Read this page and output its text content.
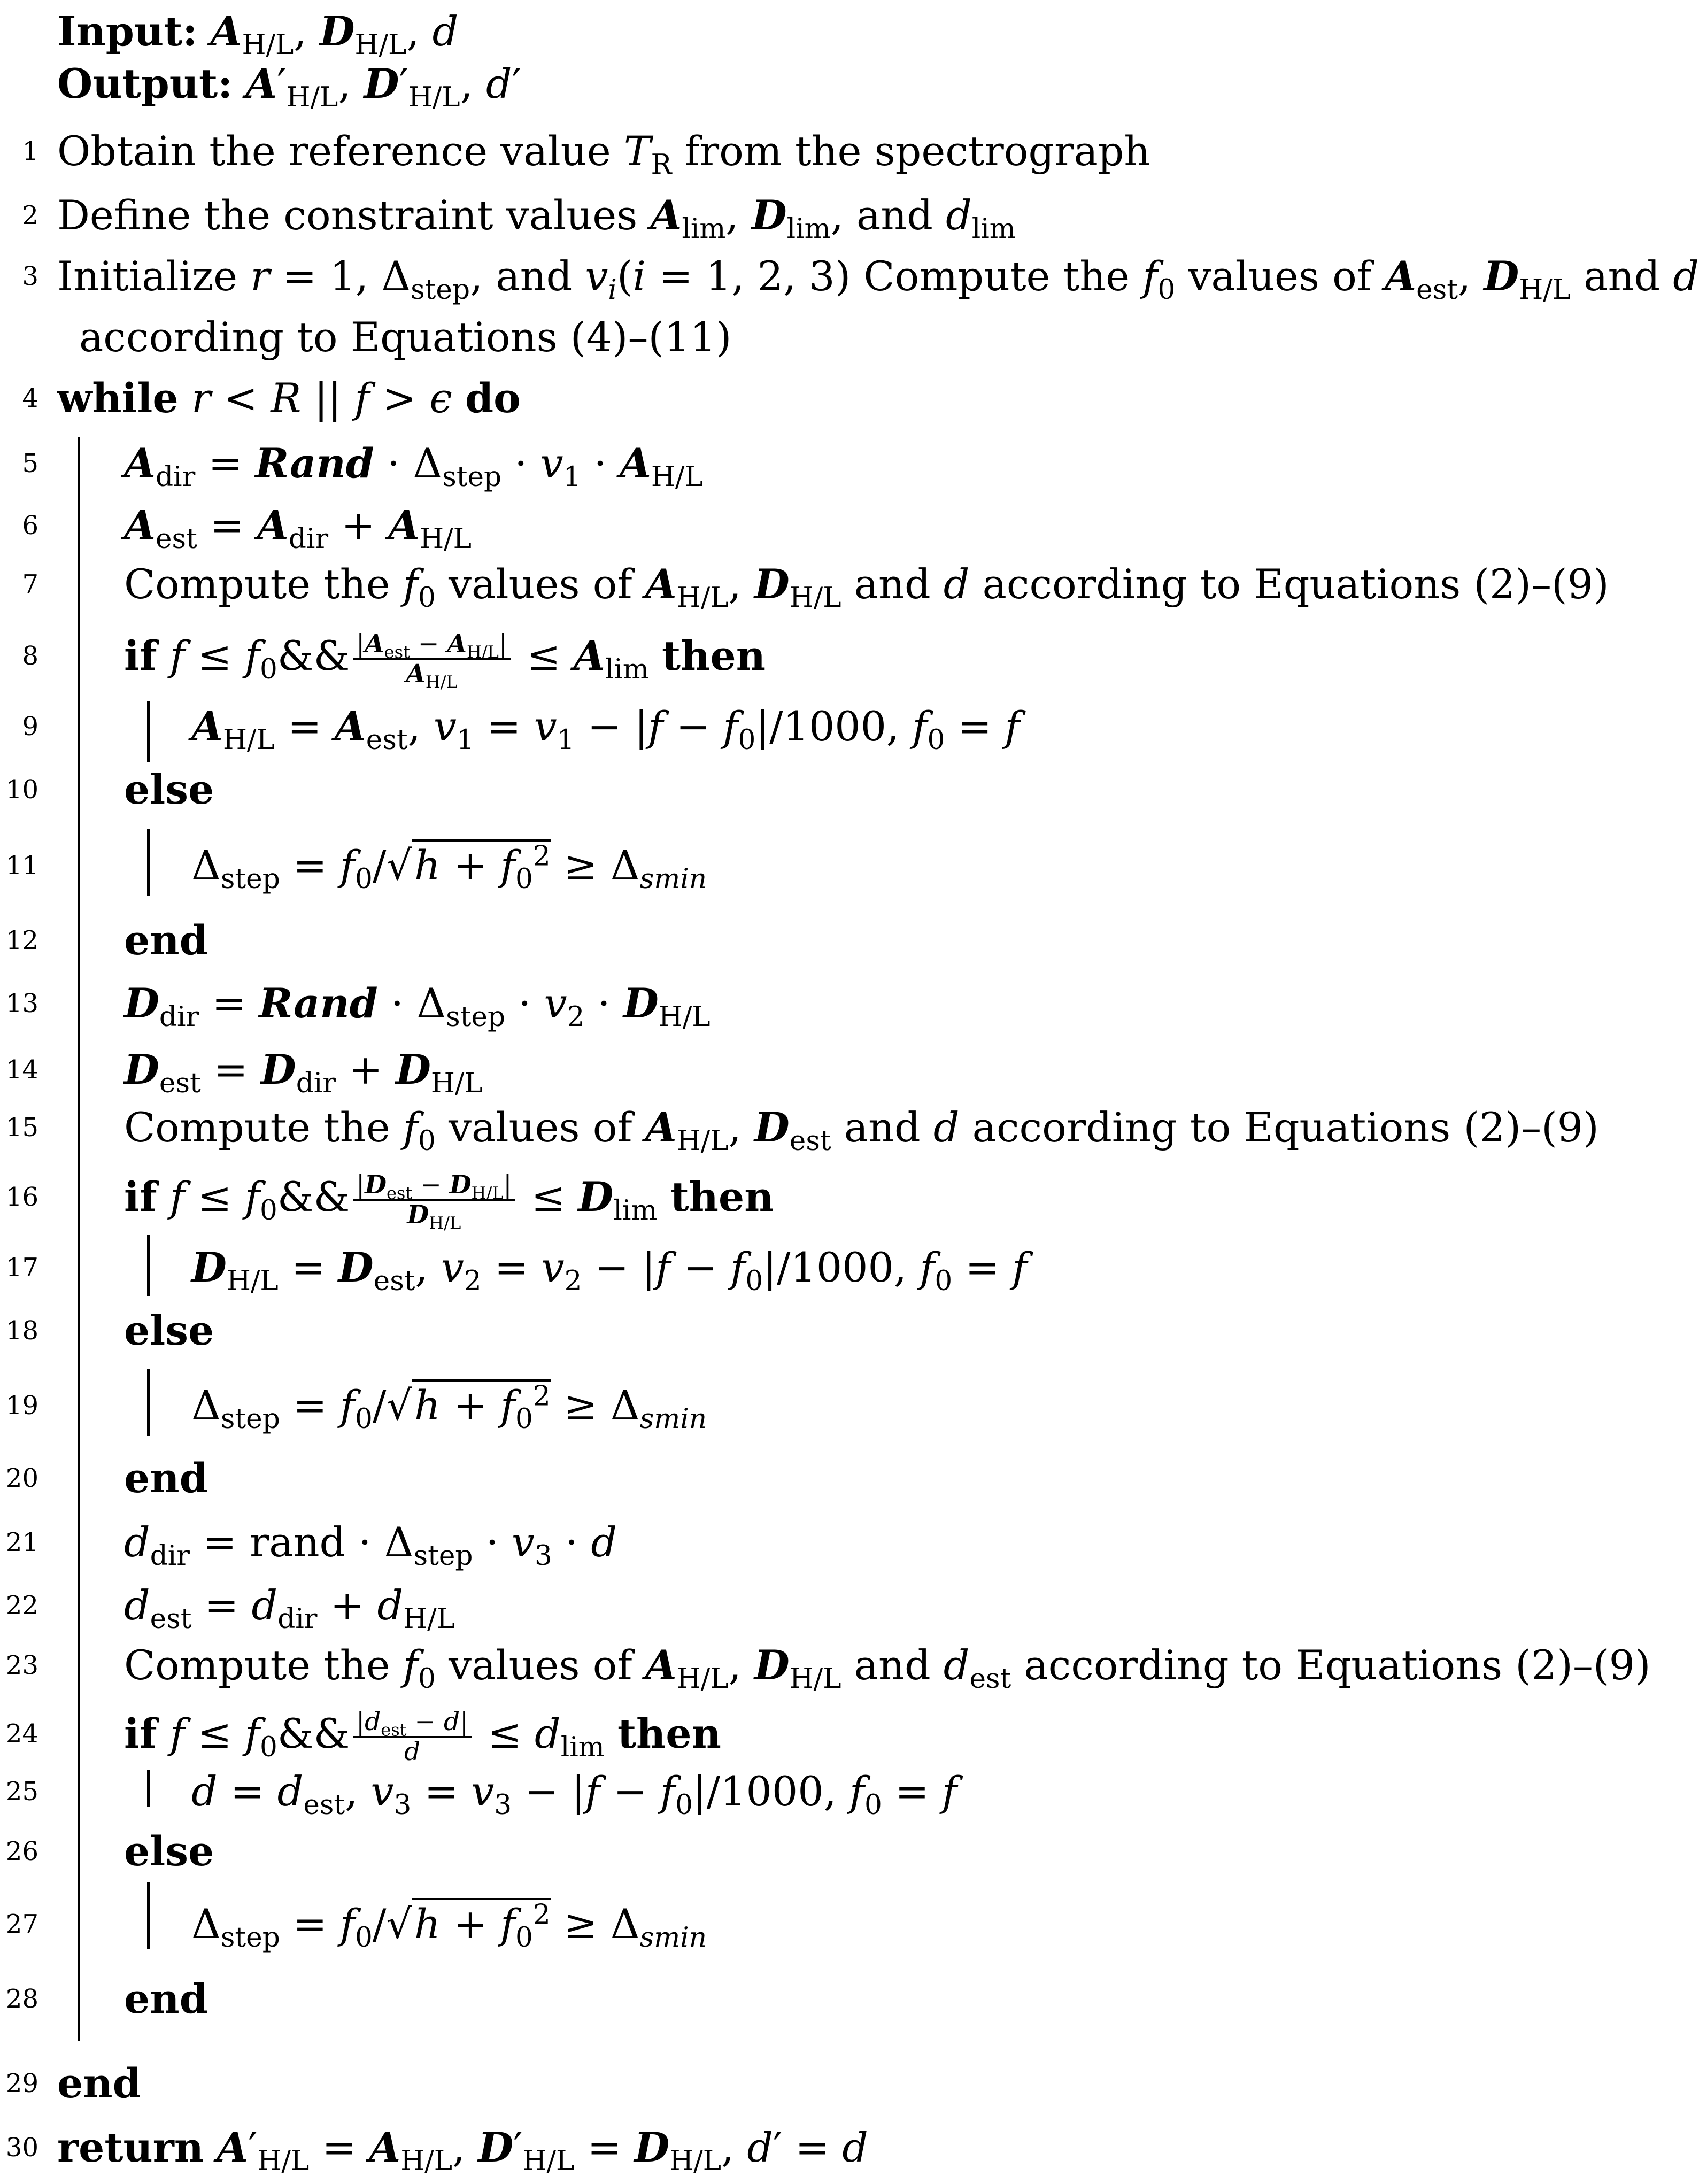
Input: $A_{H/L}$, $D_{H/L}$, d
Output: $A'_{H/L}$, $D'_{H/L}$, d′
1 Obtain the reference value $T_R$ from the spectrograph
2 Define the constraint values $A_{lim}$, $D_{lim}$, and $d_{lim}$
3 Initialize r = 1, $\Delta_{step}$, and $v_i(i = 1$, 2, 3) Compute the $f_0$ values of $A_{est}$, $D_{H/L}$ and d
according to Equations (4)–(11)
4 while r < R || f > ϵ do
5 $A_{dir}$ = Rand · $\Delta_{step} \cdot v_1 \cdot A_{H/L}$
6 $A_{est} = A_{dir} + A_{H/L}$
7 Compute the $f_0$ values of $A_{H/L}$, $D_{H/L}$ and d according to Equations (2)–(9)
8 if $f \le f_0\&\& \frac{|A_{est} - A_{H/L}|}{A_{H/L}} \le A_{lim}$ then
9	$A_{H/L} = A_{est}$, $v_1 = v_1 - |f - f_0|/1000$, $f_0 = f$
10 else
11	$\Delta_{step} = f_0/√h + f_0^2 \ge \Delta_{smin}$
12 end
13 $D_{dir}$ = Rand · $\Delta_{step} \cdot v_2 \cdot D_{H/L}$
14 $D_{est} = D_{dir} + D_{H/L}$
15 Compute the $f_0$ values of $A_{H/L}$, $D_{est}$ and d according to Equations (2)–(9)
16 if $f \le f_0\&\& \frac{|D_{est} - D_{H/L}|}{D_{H/L}} \le D_{lim}$ then
17	$D_{H/L} = D_{est}$, $v_2 = v_2 - |f - f_0|/1000$, $f_0 = f$
18 else
19	$\Delta_{step} = f_0/√h + f_0^2 \ge \Delta_{smin}$
20 end
21 $d_{dir}$ = rand · $\Delta_{step} \cdot v_3 \cdot d$
22 $d_{est} = d_{dir} + d_{H/L}$
23 Compute the $f_0$ values of $A_{H/L}$, $D_{H/L}$ and $d_{est}$ according to Equations (2)–(9)
24 if $f \le f_0\&\& \frac{|d_{est} - d|}{d} \le d_{lim}$ then
25	$d = d_{est}$, $v_3 = v_3 - |f - f_0|/1000$, $f_0 = f$
26 else
27	$\Delta_{step} = f_0/√h + f_0^2 \ge \Delta_{smin}$
28 end
29 end
30 return $A'_{H/L} = A_{H/L}$, $D'_{H/L} = D_{H/L}$, d′ = d
